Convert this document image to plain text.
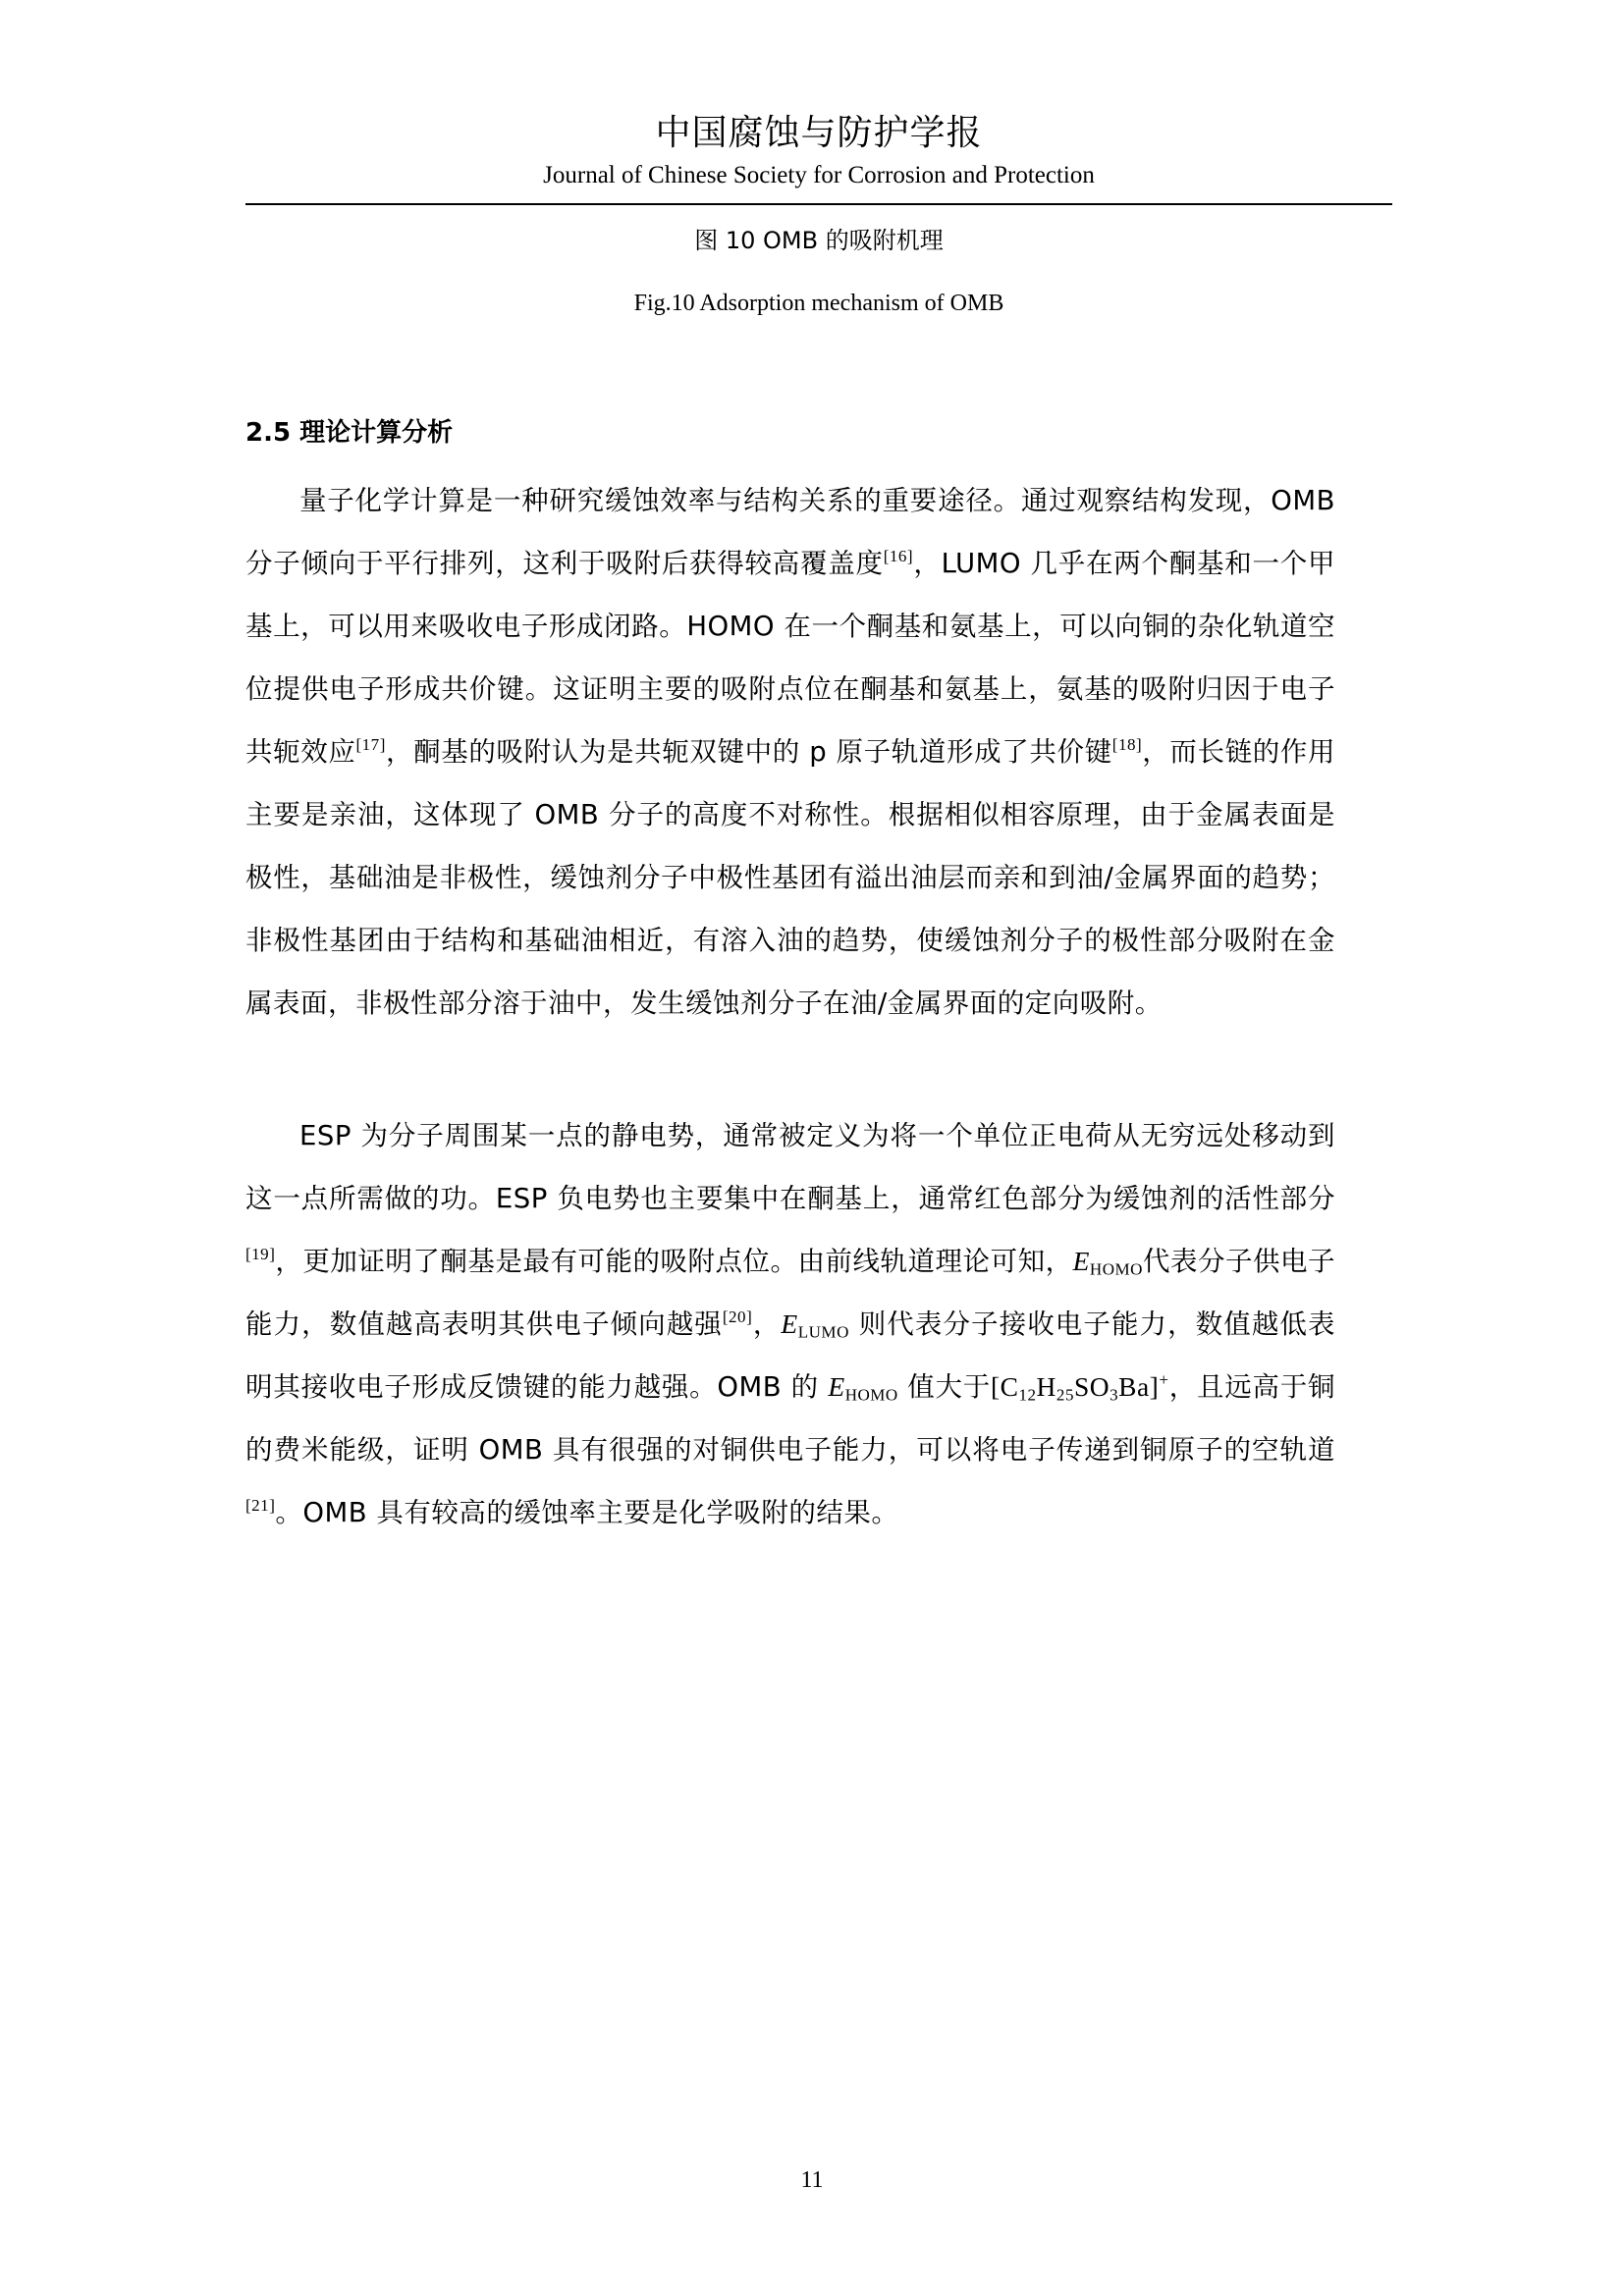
中国腐蚀与防护学报
Journal of Chinese Society for Corrosion and Protection
图 10 OMB 的吸附机理
Fig.10 Adsorption mechanism of OMB
2.5 理论计算分析

量子化学计算是一种研究缓蚀效率与结构关系的重要途径。通过观察结构发现，OMB 分子倾向于平行排列，这利于吸附后获得较高覆盖度[16]，LUMO 几乎在两个酮基和一个甲基上，可以用来吸收电子形成闭路。HOMO 在一个酮基和氨基上，可以向铜的杂化轨道空位提供电子形成共价键。这证明主要的吸附点位在酮基和氨基上，氨基的吸附归因于电子共轭效应[17]，酮基的吸附认为是共轭双键中的 p 原子轨道形成了共价键[18]，而长链的作用主要是亲油，这体现了 OMB 分子的高度不对称性。根据相似相容原理，由于金属表面是极性，基础油是非极性，缓蚀剂分子中极性基团有溢出油层而亲和到油/金属界面的趋势；非极性基团由于结构和基础油相近，有溶入油的趋势，使缓蚀剂分子的极性部分吸附在金属表面，非极性部分溶于油中，发生缓蚀剂分子在油/金属界面的定向吸附。

ESP 为分子周围某一点的静电势，通常被定义为将一个单位正电荷从无穷远处移动到这一点所需做的功。ESP 负电势也主要集中在酮基上，通常红色部分为缓蚀剂的活性部分[19]，更加证明了酮基是最有可能的吸附点位。由前线轨道理论可知，$E_{HOMO}$代表分子供电子能力，数值越高表明其供电子倾向越强[20]，$E_{LUMO}$ 则代表分子接收电子能力，数值越低表明其接收电子形成反馈键的能力越强。OMB 的 $E_{HOMO}$ 值大于$[C_{12}H_{25}SO_3Ba]^+$，且远高于铜的费米能级，证明 OMB 具有很强的对铜供电子能力，可以将电子传递到铜原子的空轨道[21]。OMB 具有较高的缓蚀率主要是化学吸附的结果。

11
